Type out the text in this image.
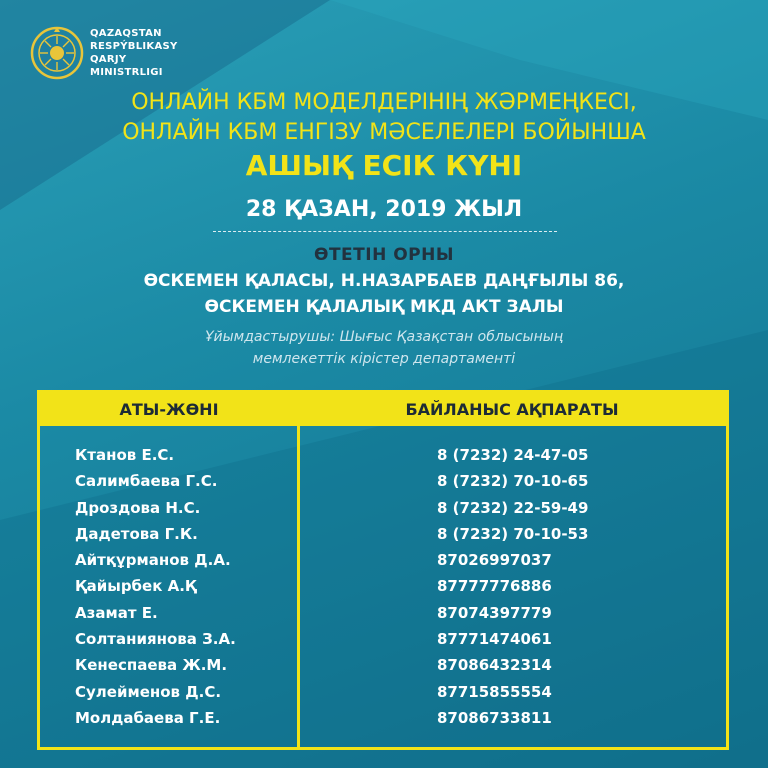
QAZAQSTAN
RESPÝBLIKASY
QARJY
MINISTRLIGI
ОНЛАЙН КБМ МОДЕЛДЕРІНІҢ ЖӘРМЕҢКЕСІ,
ОНЛАЙН КБМ ЕНГІЗУ МӘСЕЛЕЛЕРІ БОЙЫНША
АШЫҚ ЕСІК КҮНІ
28 ҚАЗАН, 2019 ЖЫЛ
ӨТЕТІН ОРНЫ
ӨСКЕМЕН ҚАЛАСЫ, Н.НАЗАРБАЕВ ДАҢҒЫЛЫ 86,
ӨСКЕМЕН ҚАЛАЛЫҚ МКД АКТ ЗАЛЫ
Ұйымдастырушы: Шығыс Қазақстан облысының
мемлекеттік кірістер департаменті
АТЫ-ЖӨНІ	БАЙЛАНЫС АҚПАРАТЫ
Ктанов Е.С.	8 (7232) 24-47-05
Салимбаева Г.С.	8 (7232) 70-10-65
Дроздова Н.С.	8 (7232) 22-59-49
Дадетова Г.К.	8 (7232) 70-10-53
Айтқұрманов Д.А.	87026997037
Қайырбек А.Қ	87777776886
Азамат Е.	87074397779
Солтаниянова З.А.	87771474061
Кенеспаева Ж.М.	87086432314
Сулейменов Д.С.	87715855554
Молдабаева Г.Е.	87086733811
